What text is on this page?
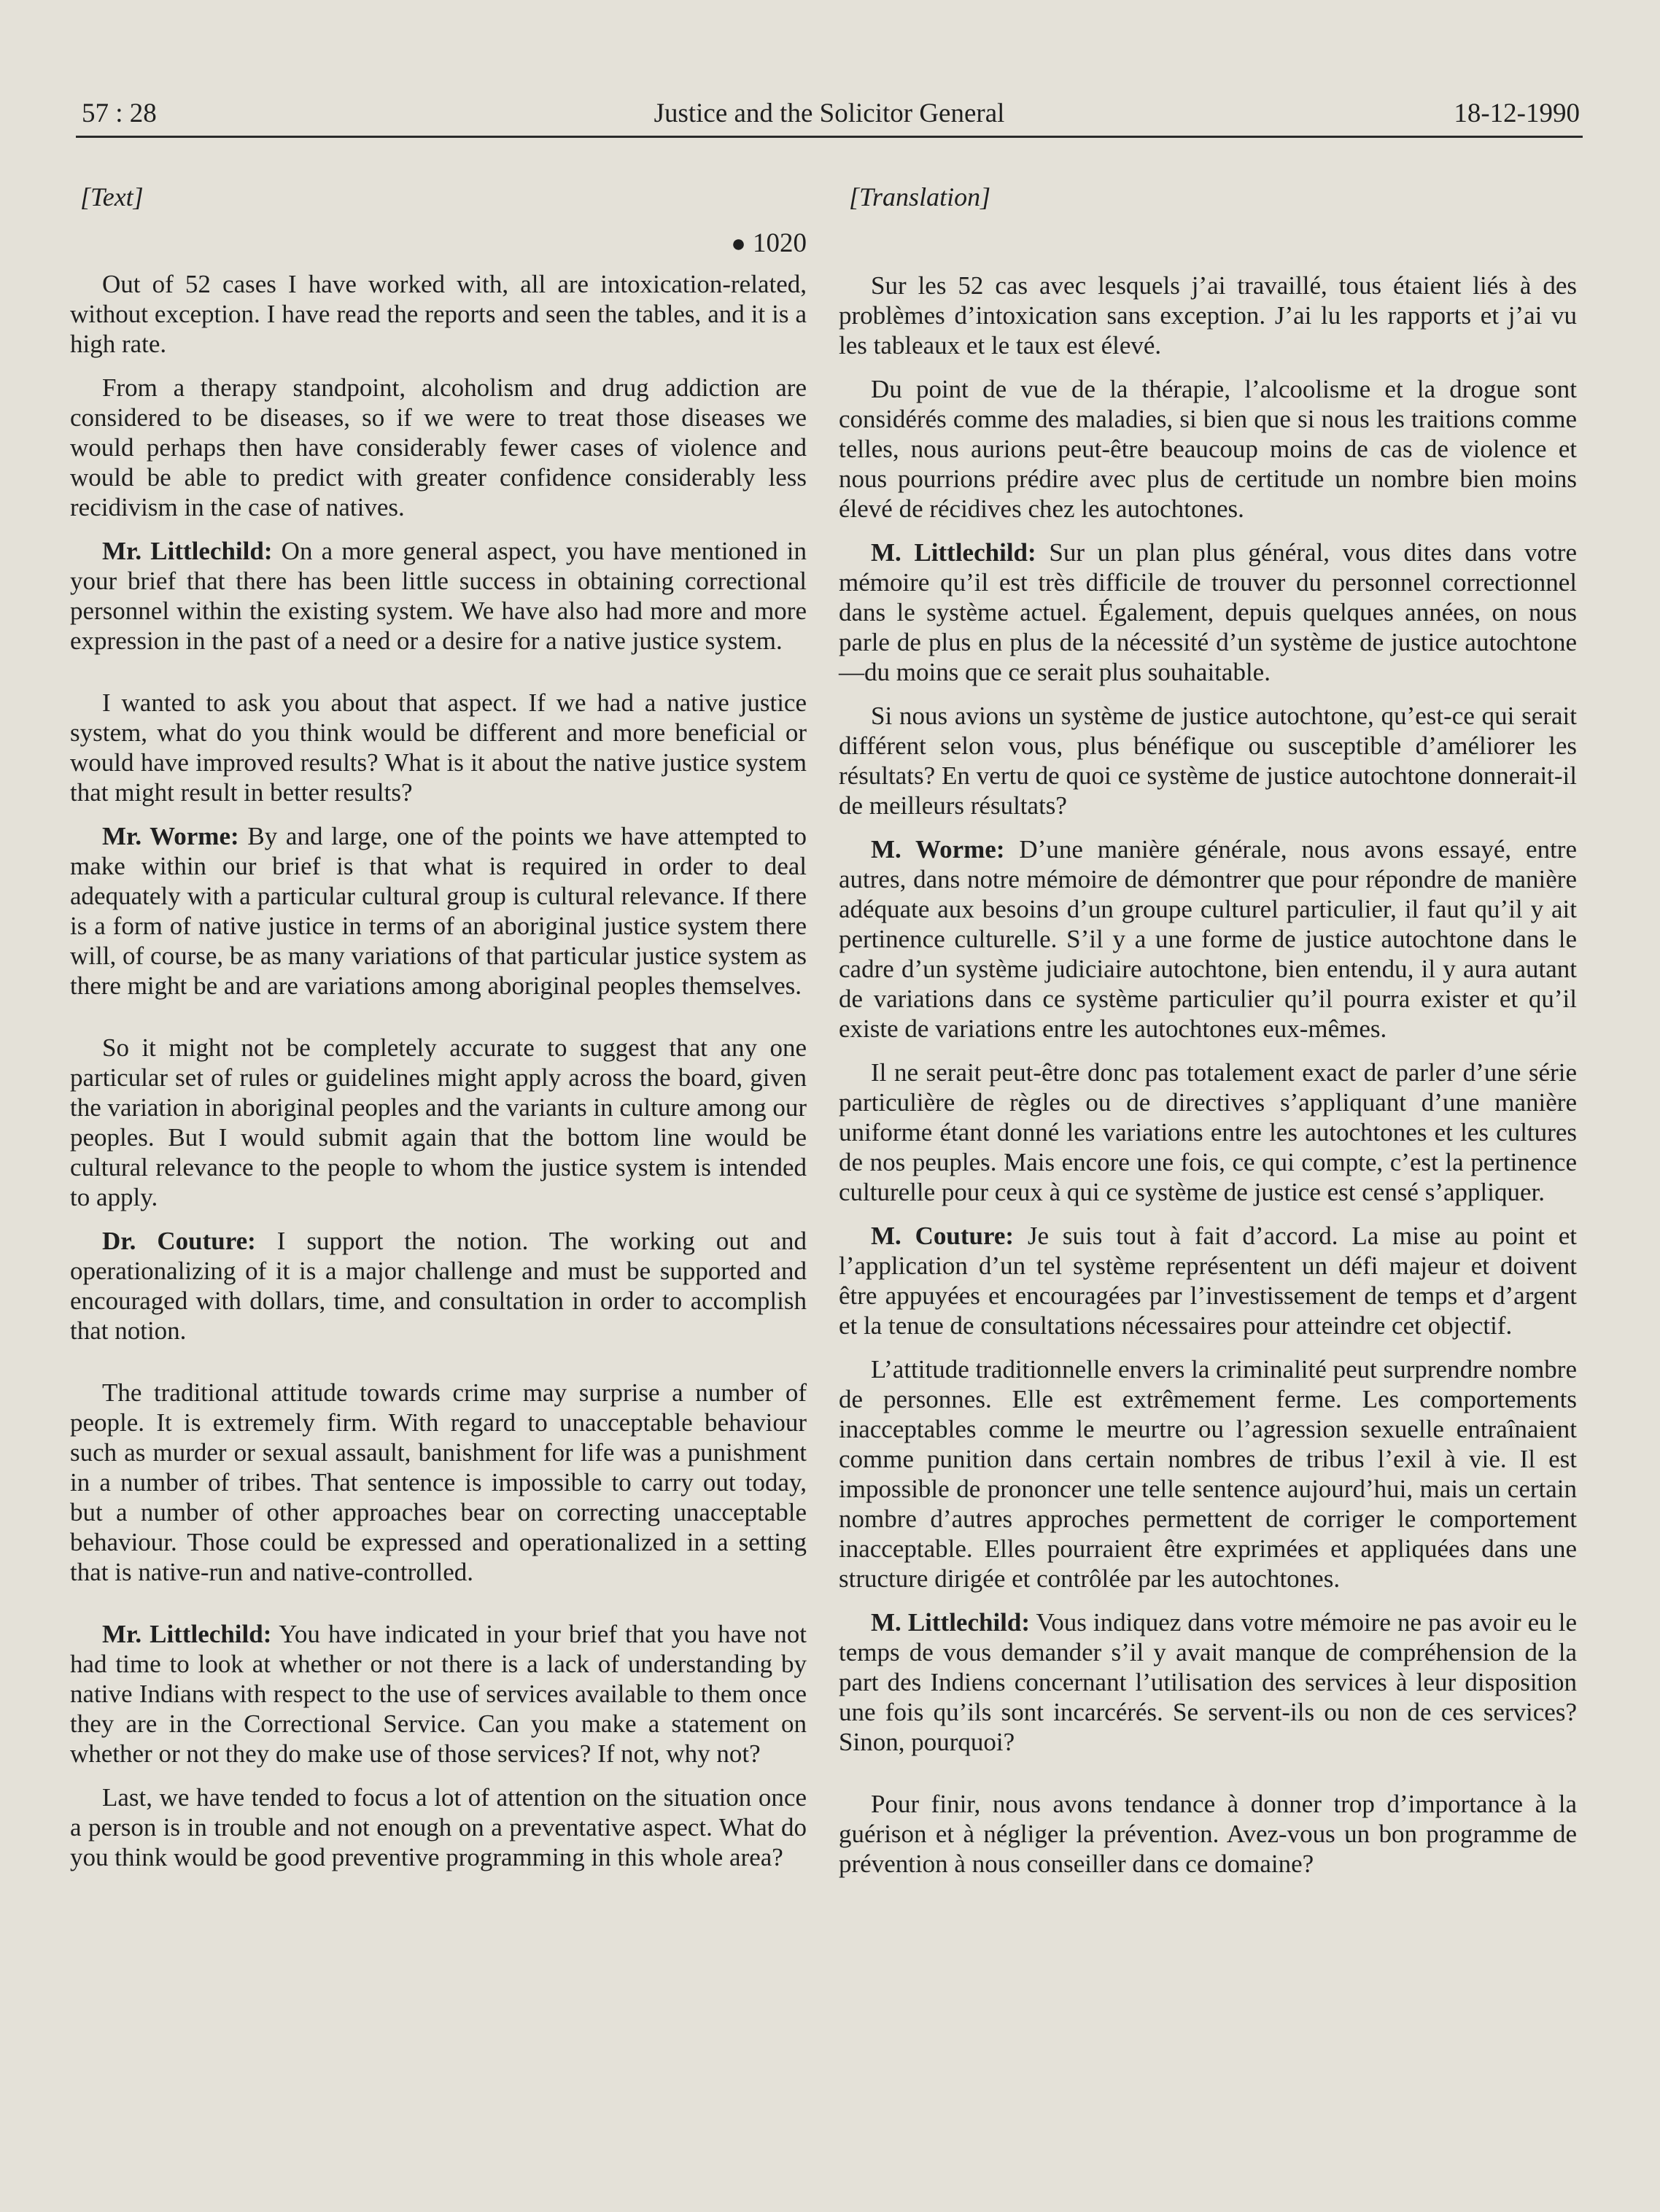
57 : 28	Justice and the Solicitor General	18-12-1990
[Text]
● 1020

Out of 52 cases I have worked with, all are intoxication-related, without exception. I have read the reports and seen the tables, and it is a high rate.

From a therapy standpoint, alcoholism and drug addiction are considered to be diseases, so if we were to treat those diseases we would perhaps then have considerably fewer cases of violence and would be able to predict with greater confidence considerably less recidivism in the case of natives.

Mr. Littlechild: On a more general aspect, you have mentioned in your brief that there has been little success in obtaining correctional personnel within the existing system. We have also had more and more expression in the past of a need or a desire for a native justice system.

I wanted to ask you about that aspect. If we had a native justice system, what do you think would be different and more beneficial or would have improved results? What is it about the native justice system that might result in better results?

Mr. Worme: By and large, one of the points we have attempted to make within our brief is that what is required in order to deal adequately with a particular cultural group is cultural relevance. If there is a form of native justice in terms of an aboriginal justice system there will, of course, be as many variations of that particular justice system as there might be and are variations among aboriginal peoples themselves.

So it might not be completely accurate to suggest that any one particular set of rules or guidelines might apply across the board, given the variation in aboriginal peoples and the variants in culture among our peoples. But I would submit again that the bottom line would be cultural relevance to the people to whom the justice system is intended to apply.

Dr. Couture: I support the notion. The working out and operationalizing of it is a major challenge and must be supported and encouraged with dollars, time, and consultation in order to accomplish that notion.

The traditional attitude towards crime may surprise a number of people. It is extremely firm. With regard to unacceptable behaviour such as murder or sexual assault, banishment for life was a punishment in a number of tribes. That sentence is impossible to carry out today, but a number of other approaches bear on correcting unacceptable behaviour. Those could be expressed and operationalized in a setting that is native-run and native-controlled.

Mr. Littlechild: You have indicated in your brief that you have not had time to look at whether or not there is a lack of understanding by native Indians with respect to the use of services available to them once they are in the Correctional Service. Can you make a statement on whether or not they do make use of those services? If not, why not?

Last, we have tended to focus a lot of attention on the situation once a person is in trouble and not enough on a preventative aspect. What do you think would be good preventive programming in this whole area?

[Translation]

Sur les 52 cas avec lesquels j’ai travaillé, tous étaient liés à des problèmes d’intoxication sans exception. J’ai lu les rapports et j’ai vu les tableaux et le taux est élevé.

Du point de vue de la thérapie, l’alcoolisme et la drogue sont considérés comme des maladies, si bien que si nous les traitions comme telles, nous aurions peut-être beaucoup moins de cas de violence et nous pourrions prédire avec plus de certitude un nombre bien moins élevé de récidives chez les autochtones.

M. Littlechild: Sur un plan plus général, vous dites dans votre mémoire qu’il est très difficile de trouver du personnel correctionnel dans le système actuel. Également, depuis quelques années, on nous parle de plus en plus de la nécessité d’un système de justice autochtone—du moins que ce serait plus souhaitable.

Si nous avions un système de justice autochtone, qu’est-ce qui serait différent selon vous, plus bénéfique ou susceptible d’améliorer les résultats? En vertu de quoi ce système de justice autochtone donnerait-il de meilleurs résultats?

M. Worme: D’une manière générale, nous avons essayé, entre autres, dans notre mémoire de démontrer que pour répondre de manière adéquate aux besoins d’un groupe culturel particulier, il faut qu’il y ait pertinence culturelle. S’il y a une forme de justice autochtone dans le cadre d’un système judiciaire autochtone, bien entendu, il y aura autant de variations dans ce système particulier qu’il pourra exister et qu’il existe de variations entre les autochtones eux-mêmes.

Il ne serait peut-être donc pas totalement exact de parler d’une série particulière de règles ou de directives s’appliquant d’une manière uniforme étant donné les variations entre les autochtones et les cultures de nos peuples. Mais encore une fois, ce qui compte, c’est la pertinence culturelle pour ceux à qui ce système de justice est censé s’appliquer.

M. Couture: Je suis tout à fait d’accord. La mise au point et l’application d’un tel système représentent un défi majeur et doivent être appuyées et encouragées par l’investissement de temps et d’argent et la tenue de consultations nécessaires pour atteindre cet objectif.

L’attitude traditionnelle envers la criminalité peut surprendre nombre de personnes. Elle est extrêmement ferme. Les comportements inacceptables comme le meurtre ou l’agression sexuelle entraînaient comme punition dans certain nombres de tribus l’exil à vie. Il est impossible de prononcer une telle sentence aujourd’hui, mais un certain nombre d’autres approches permettent de corriger le comportement inacceptable. Elles pourraient être exprimées et appliquées dans une structure dirigée et contrôlée par les autochtones.

M. Littlechild: Vous indiquez dans votre mémoire ne pas avoir eu le temps de vous demander s’il y avait manque de compréhension de la part des Indiens concernant l’utilisation des services à leur disposition une fois qu’ils sont incarcérés. Se servent-ils ou non de ces services? Sinon, pourquoi?

Pour finir, nous avons tendance à donner trop d’importance à la guérison et à négliger la prévention. Avez-vous un bon programme de prévention à nous conseiller dans ce domaine?
